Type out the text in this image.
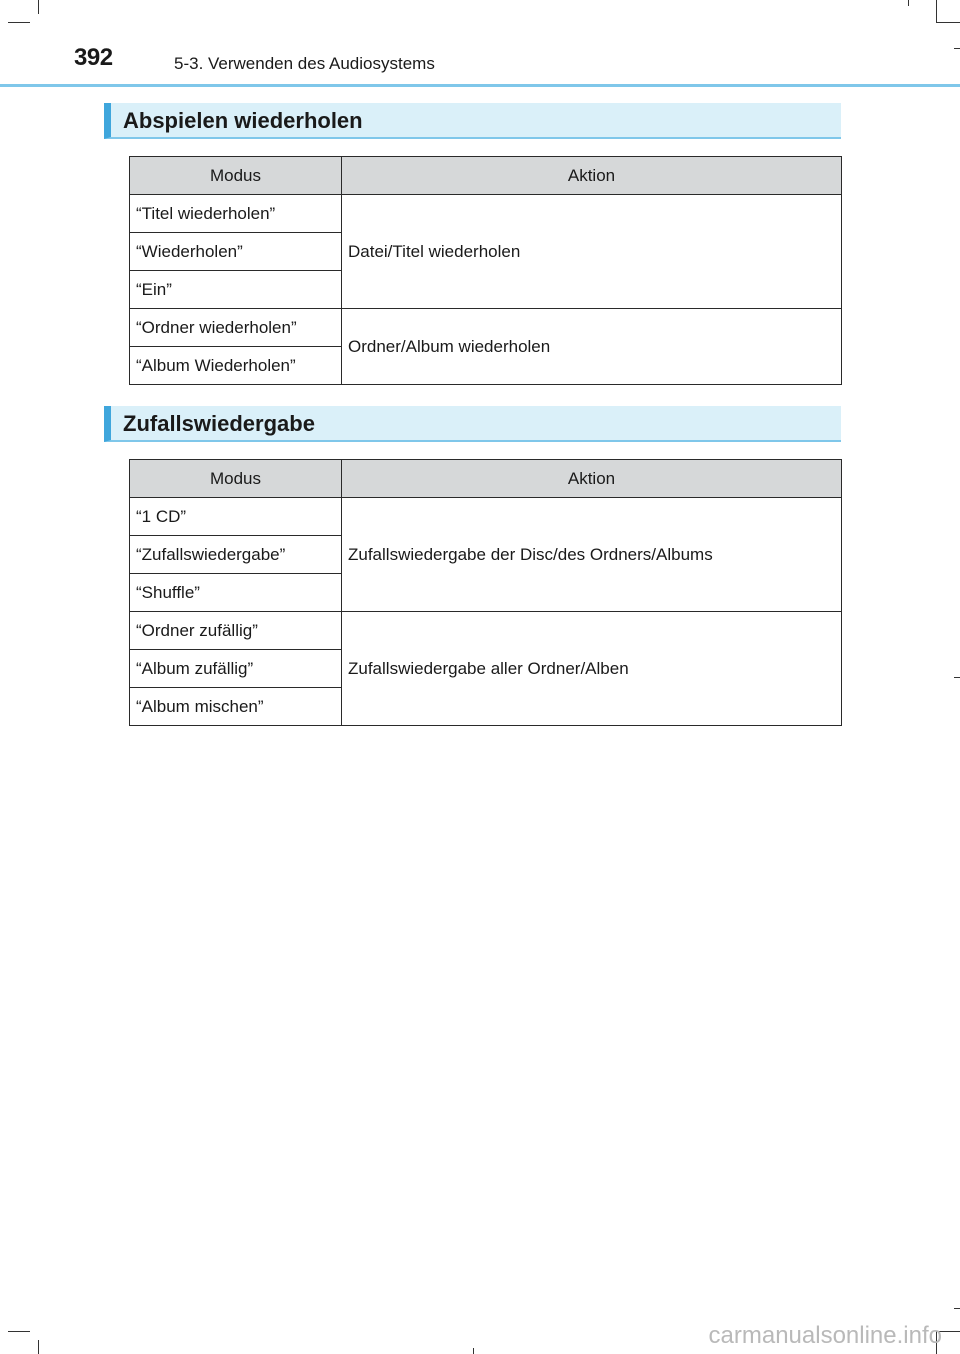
392	5-3. Verwenden des Audiosystems
Abspielen wiederholen
Modus	Aktion
“Titel wiederholen”	Datei/Titel wiederholen
“Wiederholen”	
“Ein”	
“Ordner wiederholen”	Ordner/Album wiederholen
“Album Wiederholen”	
Zufallswiedergabe
Modus	Aktion
“1 CD”	Zufallswiedergabe der Disc/des Ordners/Albums
“Zufallswiedergabe”	
“Shuffle”	
“Ordner zufällig”	Zufallswiedergabe aller Ordner/Alben
“Album zufällig”	
“Album mischen”	
carmanualsonline.info
